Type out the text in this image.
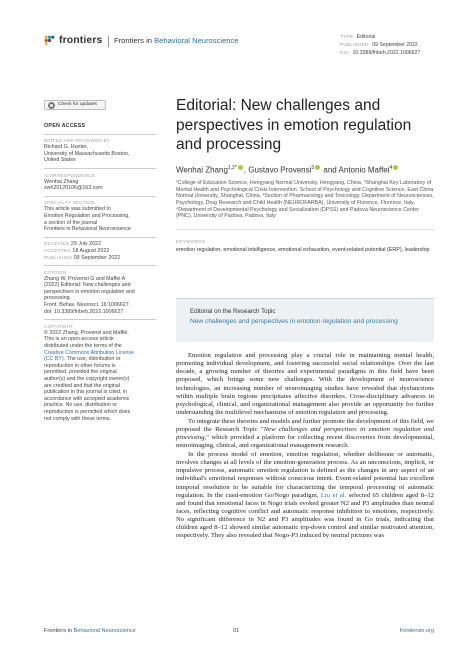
frontiers Frontiers in Behavioral Neuroscience	TYPE Editorial
PUBLISHED 09 September 2022
DOI 10.3389/fnbeh.2022.1006627
Check for updates
OPEN ACCESS
EDITED AND REVIEWED BY
Richard G. Hunter,
University of Massachusetts Boston,
United States
*CORRESPONDENCE
Wenhai Zhang
zwh20120106@163.com
SPECIALTY SECTION
This article was submitted to
Emotion Regulation and Processing,
a section of the journal
Frontiers in Behavioral Neuroscience
RECEIVED 29 July 2022
ACCEPTED 18 August 2022
PUBLISHED 09 September 2022
CITATION
Zhang W, Provensi G and Maffei A
(2022) Editorial: New challenges and
perspectives in emotion regulation and
processing.
Front. Behav. Neurosci. 16:1006627.
doi: 10.3389/fnbeh.2022.1006627
COPYRIGHT
© 2022 Zhang, Provensi and Maffei.
This is an open-access article
distributed under the terms of the
Creative Commons Attribution License
(CC BY). The use, distribution or
reproduction in other forums is
permitted, provided the original
author(s) and the copyright owner(s)
are credited and that the original
publication in this journal is cited, in
accordance with accepted academic
practice. No use, distribution or
reproduction is permitted which does
not comply with these terms.
Editorial: New challenges and perspectives in emotion regulation and processing
Wenhai Zhang$^{1,2*}$ , Gustavo Provensi$^3$ and Antonio Maffei$^4$
¹College of Education Science, Hengyang Normal University, Hengyang, China, ²Shanghai Key Laboratory of Mental Health and Psychological Crisis Intervention, School of Psychology and Cognitive Science, East China Normal University, Shanghai, China, ³Section of Pharmacology and Toxicology, Department of Neurosciences, Psychology, Drug Research and Child Health (NEUROFARBA), University of Florence, Florence, Italy, ⁴Department of Developmental Psychology and Socialization (DPSS) and Padova Neuroscience Center (PNC), University of Padova, Padova, Italy
KEYWORDS
emotion regulation, emotional intelligence, emotional exhaustion, event-related potential (ERP), leadership
Editorial on the Research Topic
New challenges and perspectives in emotion regulation and processing

Emotion regulation and processing play a crucial role in maintaining mental health, promoting individual development, and fostering successful social relationships. Over the last decade, a growing number of theories and experimental paradigms in this field have been proposed, which brings some new challenges. With the development of neuroscience technologies, an increasing number of neuroimaging studies have revealed that dysfunctions within multiple brain regions precipitates affective disorders. Cross-disciplinary advances in psychological, clinical, and organizational management also provide an opportunity for further understanding the multilevel mechanisms of emotion regulation and processing.

To integrate these theories and models and further promote the development of this field, we proposed the Research Topic "New challenges and perspectives in emotion regulation and processing," which provided a platform for collecting recent discoveries from developmental, neuroimaging, clinical, and organizational management research.

In the process model of emotion, emotion regulation, whether deliberate or automatic, involves changes at all levels of the emotion-generation process. As an unconscious, implicit, or impulsive process, automatic emotion regulation is defined as the changes in any aspect of an individual's emotional responses without conscious intent. Event-related potential has excellent temporal resolution to be suitable for characterizing the temporal processing of automatic regulation. In the cued-emotion Go/Nogo paradigm, Liu et al. selected 65 children aged 8–12 and found that emotional faces in Nogo trials evoked greater N2 and P3 amplitudes than neutral faces, reflecting cognitive conflict and automatic response inhibition to emotions, respectively. No significant difference in N2 and P3 amplitudes was found in Go trials, indicating that children aged 8–12 showed similar automatic top-down control and similar motivated attention, respectively. They also revealed that Nogo-P3 induced by neutral pictures was

Frontiers in Behavioral Neuroscience	01	frontiersin.org
